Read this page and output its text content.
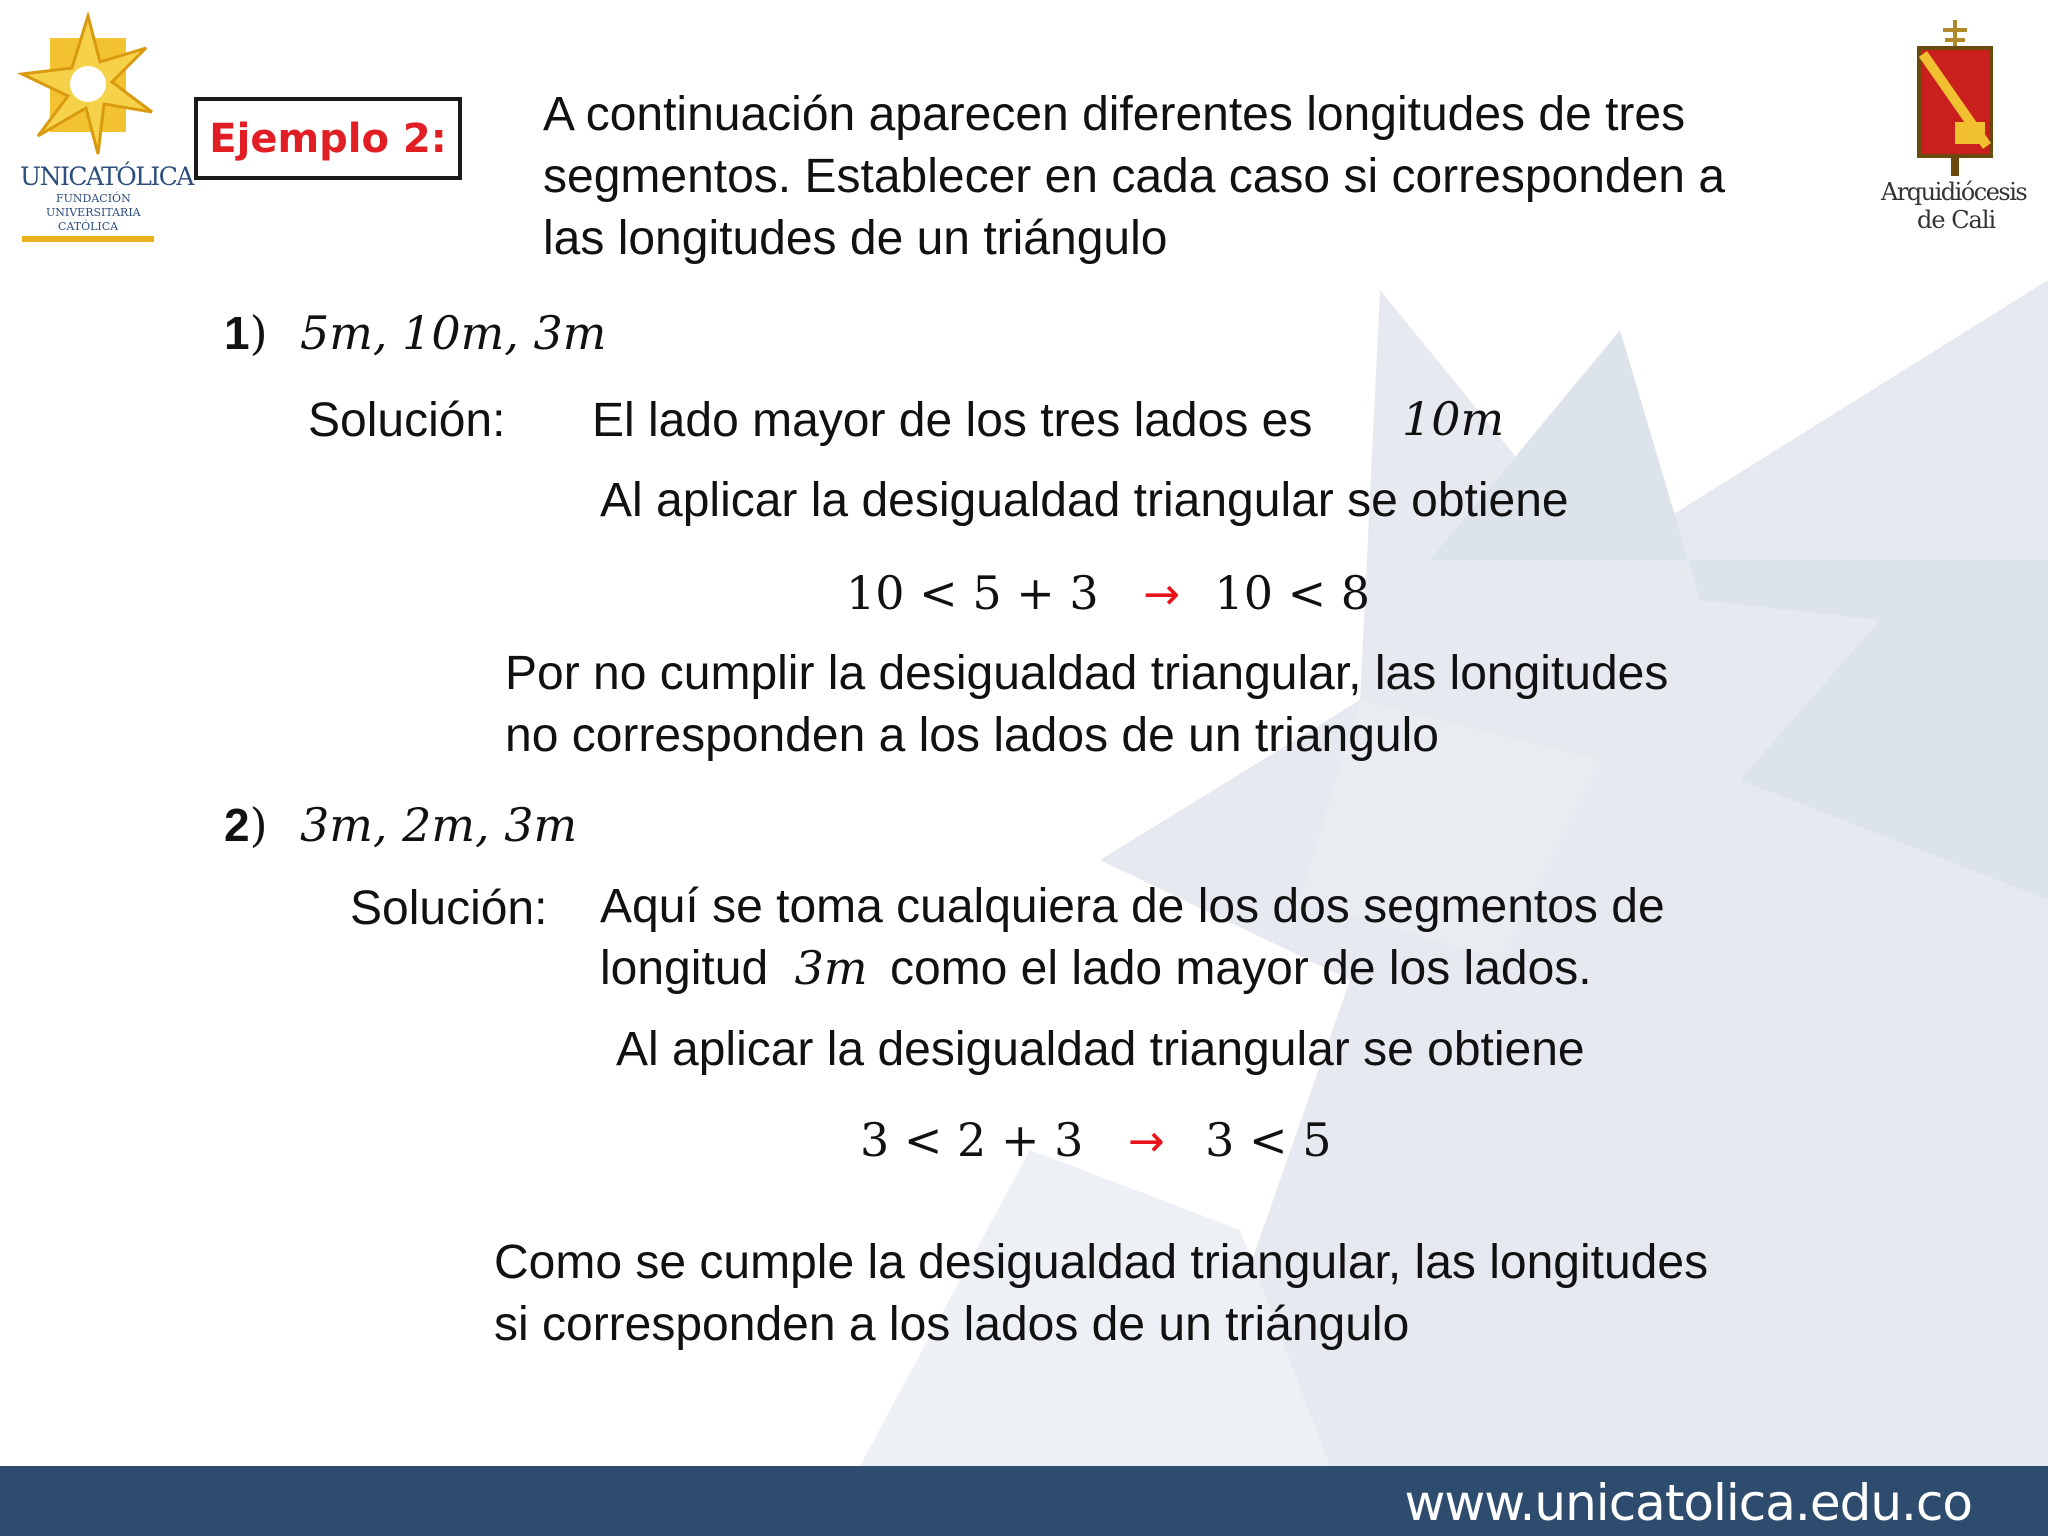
UNICATÓLICA
FUNDACIÓN
UNIVERSITARIA
CATÓLICA
Arquidiócesis
de Cali
Ejemplo 2: A continuación aparecen diferentes longitudes de tres
segmentos. Establecer en cada caso si corresponden a
las longitudes de un triángulo
1) 5m, 10m, 3m
Solución: El lado mayor de los tres lados es 10m
Al aplicar la desigualdad triangular se obtiene
10 < 5 + 3 → 10 < 8
Por no cumplir la desigualdad triangular, las longitudes
no corresponden a los lados de un triangulo
2) 3m, 2m, 3m
Solución: Aquí se toma cualquiera de los dos segmentos de
longitud 3m como el lado mayor de los lados.
Al aplicar la desigualdad triangular se obtiene
3 < 2 + 3 → 3 < 5
Como se cumple la desigualdad triangular, las longitudes
si corresponden a los lados de un triángulo
www.unicatolica.edu.co
